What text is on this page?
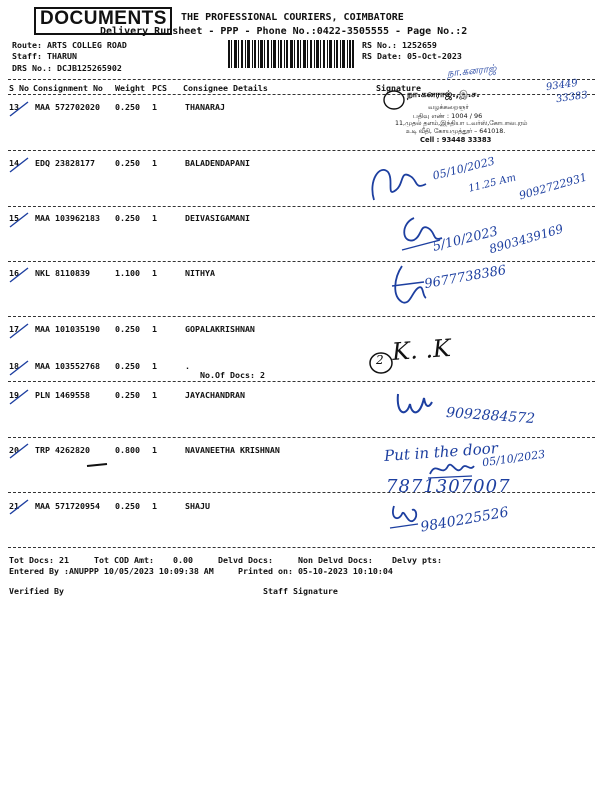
DOCUMENTS THE PROFESSIONAL COURIERS, COIMBATORE
Delivery Runsheet - PPP - Phone No.:0422-3505555 - Page No.:2
Route: ARTS COLLEG ROAD
Staff: THARUN
DRS No.: DCJB125265902
RS No.: 1252659
RS Date: 05-Oct-2023
S No Consignment No Weight PCS Consignee Details	Signature
13 MAA 572702020 0.250 1	THANARAJ
14 EDQ 23828177 0.250 1	BALADENDAPANI
15 MAA 103962183 0.250 1	DEIVASIGAMANI
16 NKL 8110839	1.100 1	NITHYA
17 MAA 101035190 0.250 1	GOPALAKRISHNAN
18 MAA 103552768 0.250 1	.
No.Of Docs: 2
19 PLN 1469558	0.250 1	JAYACHANDRAN
20 TRP 4262820	0.800 1	NAVANEETHA KRISHNAN
21 MAA 571720954 0.250 1	SHAJU
நா.கனராஜ்.,இ.ச.
வழக்கறைஞர்
பதிவு எண் : 1004 / 96
11,முதல் தளம்,இந்தியா டவர்ஸ்,கோபாலபுரம்
உடி வீதி, கோயமுத்தூர் – 641018.
Cell : 93448 33383
நா.கனராஜ்
93449
33383
05/10/2023
11.25 Am 9092722931
5/10/2023
8903439169
9677738386
2 K. .K
9092884572
Put in the door
05/10/2023
7871307007
9840225526
Tot Docs: 21	Tot COD Amt: 0.00	Delvd Docs:	Non Delvd Docs: Delvy pts:
Entered By :ANUPPP 10/05/2023 10:09:38 AM	Printed on: 05-10-2023 10:10:04
Verified By	Staff Signature
